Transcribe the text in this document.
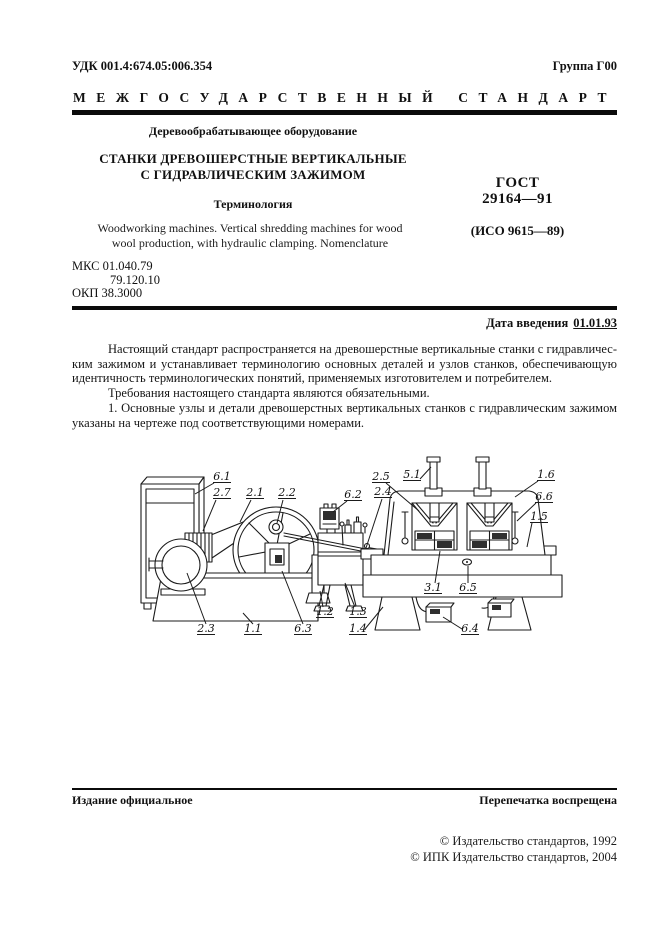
УДК 001.4:674.05:006.354	Группа Г00
МЕЖГОСУДАРСТВЕННЫЙ СТАНДАРТ
Деревообрабатывающее оборудование
СТАНКИ ДРЕВОШЕРСТНЫЕ ВЕРТИКАЛЬНЫЕ
С ГИДРАВЛИЧЕСКИМ ЗАЖИМОМ
Терминология
Woodworking machines. Vertical shredding machines for wood
wool production, with hydraulic clamping. Nomenclature
ГОСТ
29164—91
(ИСО 9615—89)
МКС 01.040.79
79.120.10
ОКП 38.3000
Дата введения 01.01.93
Настоящий стандарт распространяется на древошерстные вертикальные станки с гидравличес-
ким зажимом и устанавливает терминологию основных деталей и узлов станков, обеспечивающую
идентичность терминологических понятий, применяемых изготовителем и потребителем.
Требования настоящего стандарта являются обязательными.
1. Основные узлы и детали древошерстных вертикальных станков с гидравлическим зажимом
указаны на чертеже под соответствующими номерами.
6.1
2.7 2.1 2.2	6.2
2.5
2.4
5.1	1.6
6.6
1.5
3.1 6.5
1.2 1.3
1.4
2.3	1.1	6.3	6.4
Издание официальное	Перепечатка воспрещена
© Издательство стандартов, 1992
© ИПК Издательство стандартов, 2004
